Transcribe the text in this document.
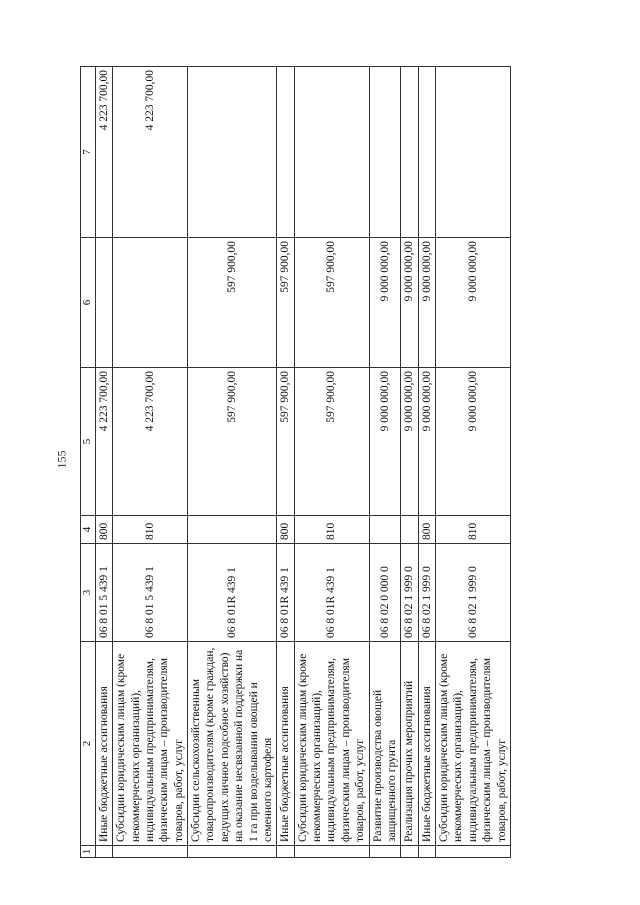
155
1	2	3	4	5	6	7
	Иные бюджетные ассигнования	06 8 01 5 439 1	800	4 223 700,00		4 223 700,00
	Субсидии юридическим лицам (кроме некоммерческих организаций), индивидуальным предпринимателям, физическим лицам – производителям товаров, работ, услуг	06 8 01 5 439 1	810	4 223 700,00		4 223 700,00
	Субсидии сельскохозяйственным товаропроизводителям (кроме граждан, ведущих личное подсобное хозяйство) на оказание несвязанной поддержки на 1 га при возделывании овощей и семенного картофеля	06 8 01R 439 1		597 900,00	597 900,00	
	Иные бюджетные ассигнования	06 8 01R 439 1	800	597 900,00	597 900,00	
	Субсидии юридическим лицам (кроме некоммерческих организаций), индивидуальным предпринимателям, физическим лицам – производителям товаров, работ, услуг	06 8 01R 439 1	810	597 900,00	597 900,00	
	Развитие производства овощей защищенного грунта	06 8 02 0 000 0		9 000 000,00	9 000 000,00	
	Реализация прочих мероприятий	06 8 02 1 999 0		9 000 000,00	9 000 000,00	
	Иные бюджетные ассигнования	06 8 02 1 999 0	800	9 000 000,00	9 000 000,00	
	Субсидии юридическим лицам (кроме некоммерческих организаций), индивидуальным предпринимателям, физическим лицам – производителям товаров, работ, услуг	06 8 02 1 999 0	810	9 000 000,00	9 000 000,00	
